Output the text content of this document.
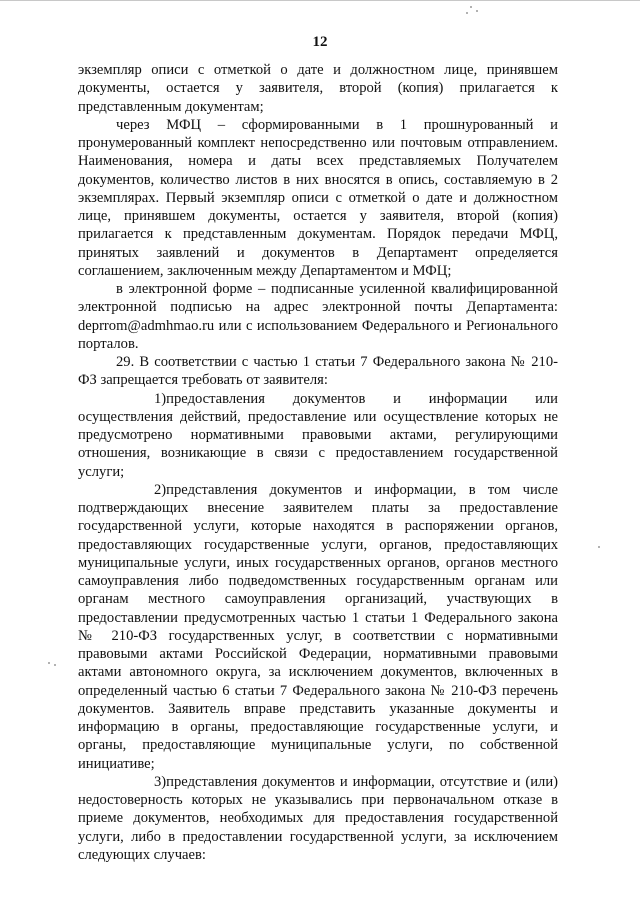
12

экземпляр описи с отметкой о дате и должностном лице, принявшем документы, остается у заявителя, второй (копия) прилагается к представленным документам;

через МФЦ – сформированными в 1 прошнурованный и пронумерованный комплект непосредственно или почтовым отправлением. Наименования, номера и даты всех представляемых Получателем документов, количество листов в них вносятся в опись, составляемую в 2 экземплярах. Первый экземпляр описи с отметкой о дате и должностном лице, принявшем документы, остается у заявителя, второй (копия) прилагается к представленным документам. Порядок передачи МФЦ, принятых заявлений и документов в Департамент определяется соглашением, заключенным между Департаментом и МФЦ;

в электронной форме – подписанные усиленной квалифицированной электронной подписью на адрес электронной почты Департамента: deprrom@admhmao.ru или с использованием Федерального и Регионального порталов.

29. В соответствии с частью 1 статьи 7 Федерального закона № 210-ФЗ запрещается требовать от заявителя:

1)предоставления документов и информации или осуществления действий, предоставление или осуществление которых не предусмотрено нормативными правовыми актами, регулирующими отношения, возникающие в связи с предоставлением государственной услуги;

2)представления документов и информации, в том числе подтверждающих внесение заявителем платы за предоставление государственной услуги, которые находятся в распоряжении органов, предоставляющих государственные услуги, органов, предоставляющих муниципальные услуги, иных государственных органов, органов местного самоуправления либо подведомственных государственным органам или органам местного самоуправления организаций, участвующих в предоставлении предусмотренных частью 1 статьи 1 Федерального закона № 210-ФЗ государственных услуг, в соответствии с нормативными правовыми актами Российской Федерации, нормативными правовыми актами автономного округа, за исключением документов, включенных в определенный частью 6 статьи 7 Федерального закона № 210-ФЗ перечень документов. Заявитель вправе представить указанные документы и информацию в органы, предоставляющие государственные услуги, и органы, предоставляющие муниципальные услуги, по собственной инициативе;

3)представления документов и информации, отсутствие и (или) недостоверность которых не указывались при первоначальном отказе в приеме документов, необходимых для предоставления государственной услуги, либо в предоставлении государственной услуги, за исключением следующих случаев:
